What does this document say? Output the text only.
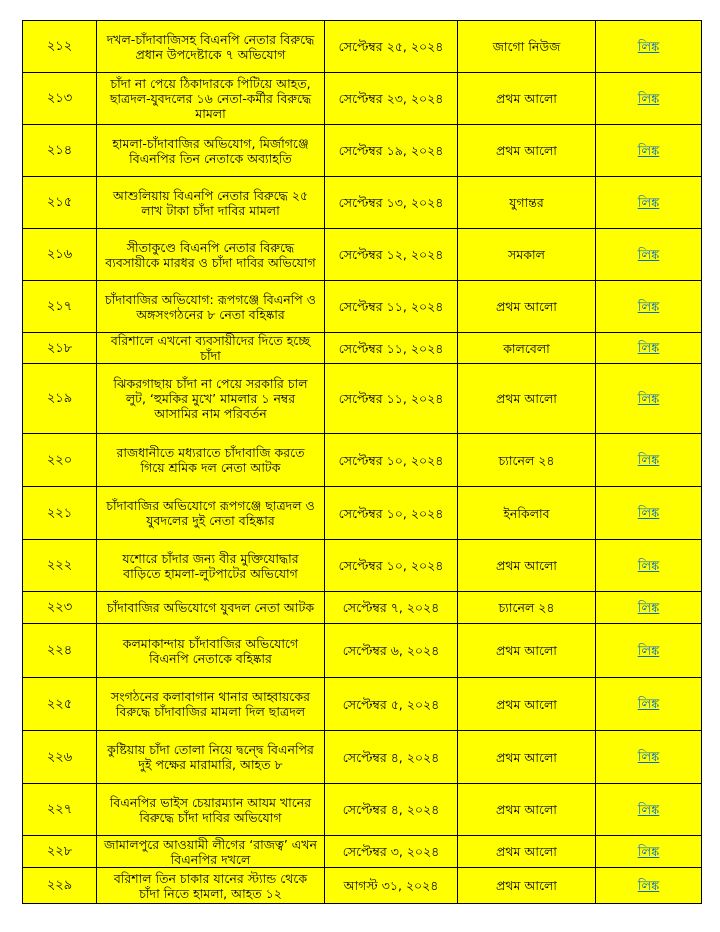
২১২	দখল-চাঁদাবাজিসহ বিএনপি নেতার বিরুদ্ধে প্রধান উপদেষ্টাকে ৭ অভিযোগ	সেপ্টেম্বর ২৫, ২০২৪	জাগো নিউজ	লিঙ্ক
২১৩	চাঁদা না পেয়ে ঠিকাদারকে পিটিয়ে আহত, ছাত্রদল-যুবদলের ১৬ নেতা-কর্মীর বিরুদ্ধে মামলা	সেপ্টেম্বর ২৩, ২০২৪	প্রথম আলো	লিঙ্ক
২১৪	হামলা-চাঁদাবাজির অভিযোগ, মির্জাগঞ্জে বিএনপির তিন নেতাকে অব্যাহতি	সেপ্টেম্বর ১৯, ২০২৪	প্রথম আলো	লিঙ্ক
২১৫	আশুলিয়ায় বিএনপি নেতার বিরুদ্ধে ২৫ লাখ টাকা চাঁদা দাবির মামলা	সেপ্টেম্বর ১৩, ২০২৪	যুগান্তর	লিঙ্ক
২১৬	সীতাকুণ্ডে বিএনপি নেতার বিরুদ্ধে ব্যবসায়ীকে মারধর ও চাঁদা দাবির অভিযোগ	সেপ্টেম্বর ১২, ২০২৪	সমকাল	লিঙ্ক
২১৭	চাঁদাবাজির অভিযোগ: রূপগঞ্জে বিএনপি ও অঙ্গসংগঠনের ৮ নেতা বহিষ্কার	সেপ্টেম্বর ১১, ২০২৪	প্রথম আলো	লিঙ্ক
২১৮	বরিশালে এখনো ব্যবসায়ীদের দিতে হচ্ছে চাঁদা	সেপ্টেম্বর ১১, ২০২৪	কালবেলা	লিঙ্ক
২১৯	ঝিকরগাছায় চাঁদা না পেয়ে সরকারি চাল লুট, ‘হুমকির মুখে’ মামলার ১ নম্বর আসামির নাম পরিবর্তন	সেপ্টেম্বর ১১, ২০২৪	প্রথম আলো	লিঙ্ক
২২০	রাজধানীতে মধ্যরাতে চাঁদাবাজি করতে গিয়ে শ্রমিক দল নেতা আটক	সেপ্টেম্বর ১০, ২০২৪	চ্যানেল ২৪	লিঙ্ক
২২১	চাঁদাবাজির অভিযোগে রূপগঞ্জে ছাত্রদল ও যুবদলের দুই নেতা বহিষ্কার	সেপ্টেম্বর ১০, ২০২৪	ইনকিলাব	লিঙ্ক
২২২	যশোরে চাঁদার জন্য বীর মুক্তিযোদ্ধার বাড়িতে হামলা-লুটপাটের অভিযোগ	সেপ্টেম্বর ১০, ২০২৪	প্রথম আলো	লিঙ্ক
২২৩	চাঁদাবাজির অভিযোগে যুবদল নেতা আটক	সেপ্টেম্বর ৭, ২০২৪	চ্যানেল ২৪	লিঙ্ক
২২৪	কলমাকান্দায় চাঁদাবাজির অভিযোগে বিএনপি নেতাকে বহিষ্কার	সেপ্টেম্বর ৬, ২০২৪	প্রথম আলো	লিঙ্ক
২২৫	সংগঠনের কলাবাগান থানার আহ্বায়কের বিরুদ্ধে চাঁদাবাজির মামলা দিল ছাত্রদল	সেপ্টেম্বর ৫, ২০২৪	প্রথম আলো	লিঙ্ক
২২৬	কুষ্টিয়ায় চাঁদা তোলা নিয়ে দ্বন্দ্বে বিএনপির দুই পক্ষের মারামারি, আহত ৮	সেপ্টেম্বর ৪, ২০২৪	প্রথম আলো	লিঙ্ক
২২৭	বিএনপির ভাইস চেয়ারম্যান আযম খানের বিরুদ্ধে চাঁদা দাবির অভিযোগ	সেপ্টেম্বর ৪, ২০২৪	প্রথম আলো	লিঙ্ক
২২৮	জামালপুরে আওয়ামী লীগের ‘রাজত্ব’ এখন বিএনপির দখলে	সেপ্টেম্বর ৩, ২০২৪	প্রথম আলো	লিঙ্ক
২২৯	বরিশাল তিন চাকার যানের স্ট্যান্ড থেকে চাঁদা নিতে হামলা, আহত ১২	আগস্ট ৩১, ২০২৪	প্রথম আলো	লিঙ্ক
